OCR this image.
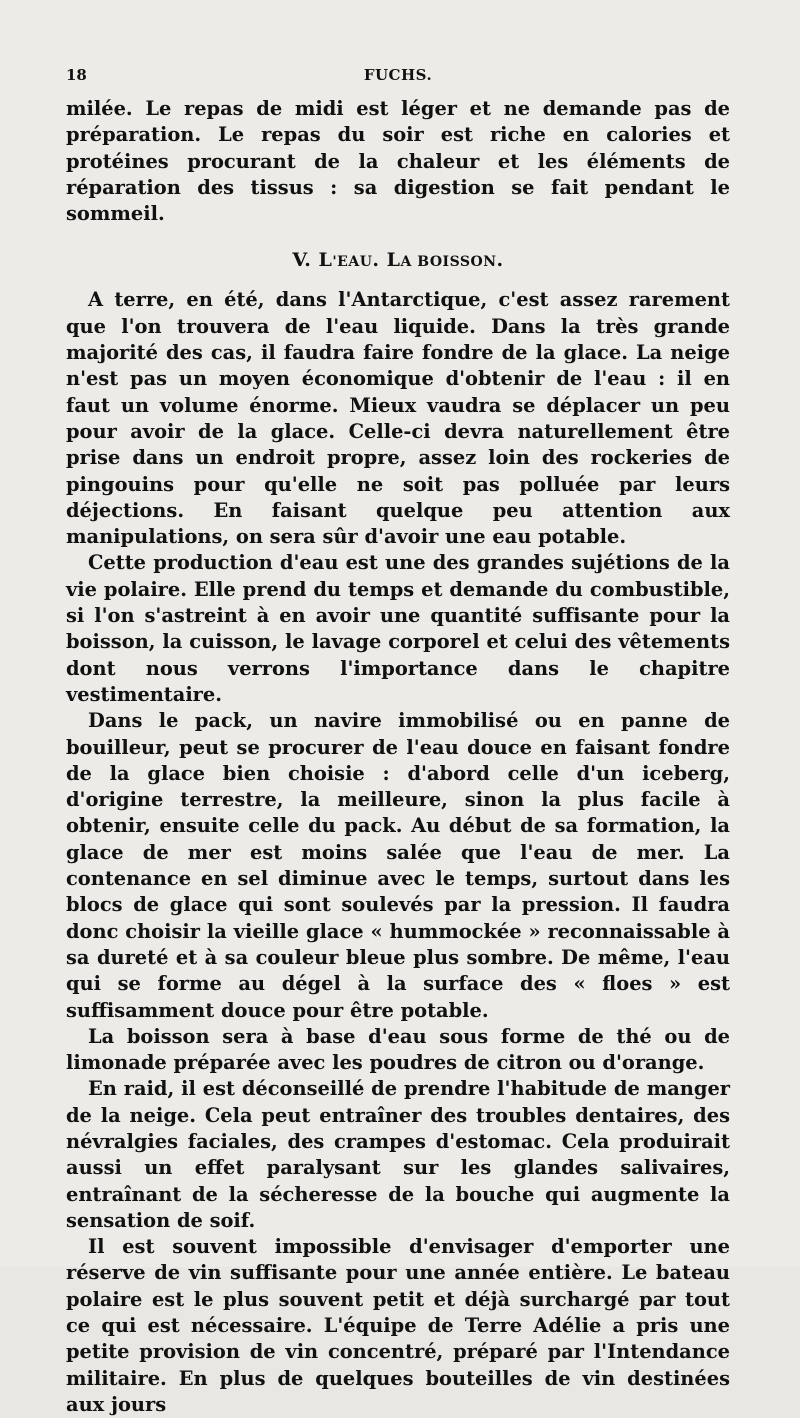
18	FUCHS.

milée. Le repas de midi est léger et ne demande pas de préparation. Le repas du soir est riche en calories et protéines procurant de la chaleur et les éléments de réparation des tissus : sa digestion se fait pendant le sommeil.

V. L'EAU. LA BOISSON.

A terre, en été, dans l'Antarctique, c'est assez rarement que l'on trouvera de l'eau liquide. Dans la très grande majorité des cas, il faudra faire fondre de la glace. La neige n'est pas un moyen économique d'obtenir de l'eau : il en faut un volume énorme. Mieux vaudra se déplacer un peu pour avoir de la glace. Celle-ci devra naturellement être prise dans un endroit propre, assez loin des rockeries de pingouins pour qu'elle ne soit pas polluée par leurs déjections. En faisant quelque peu attention aux manipulations, on sera sûr d'avoir une eau potable.

Cette production d'eau est une des grandes sujétions de la vie polaire. Elle prend du temps et demande du combustible, si l'on s'astreint à en avoir une quantité suffisante pour la boisson, la cuisson, le lavage corporel et celui des vêtements dont nous verrons l'importance dans le chapitre vestimentaire.

Dans le pack, un navire immobilisé ou en panne de bouilleur, peut se procurer de l'eau douce en faisant fondre de la glace bien choisie : d'abord celle d'un iceberg, d'origine terrestre, la meilleure, sinon la plus facile à obtenir, ensuite celle du pack. Au début de sa formation, la glace de mer est moins salée que l'eau de mer. La contenance en sel diminue avec le temps, surtout dans les blocs de glace qui sont soulevés par la pression. Il faudra donc choisir la vieille glace « hummockée » reconnaissable à sa dureté et à sa couleur bleue plus sombre. De même, l'eau qui se forme au dégel à la surface des « floes » est suffisamment douce pour être potable.

La boisson sera à base d'eau sous forme de thé ou de limonade préparée avec les poudres de citron ou d'orange.

En raid, il est déconseillé de prendre l'habitude de manger de la neige. Cela peut entraîner des troubles dentaires, des névralgies faciales, des crampes d'estomac. Cela produirait aussi un effet paralysant sur les glandes salivaires, entraînant de la sécheresse de la bouche qui augmente la sensation de soif.

Il est souvent impossible d'envisager d'emporter une réserve de vin suffisante pour une année entière. Le bateau polaire est le plus souvent petit et déjà surchargé par tout ce qui est nécessaire. L'équipe de Terre Adélie a pris une petite provision de vin concentré, préparé par l'Intendance militaire. En plus de quelques bouteilles de vin destinées aux jours
